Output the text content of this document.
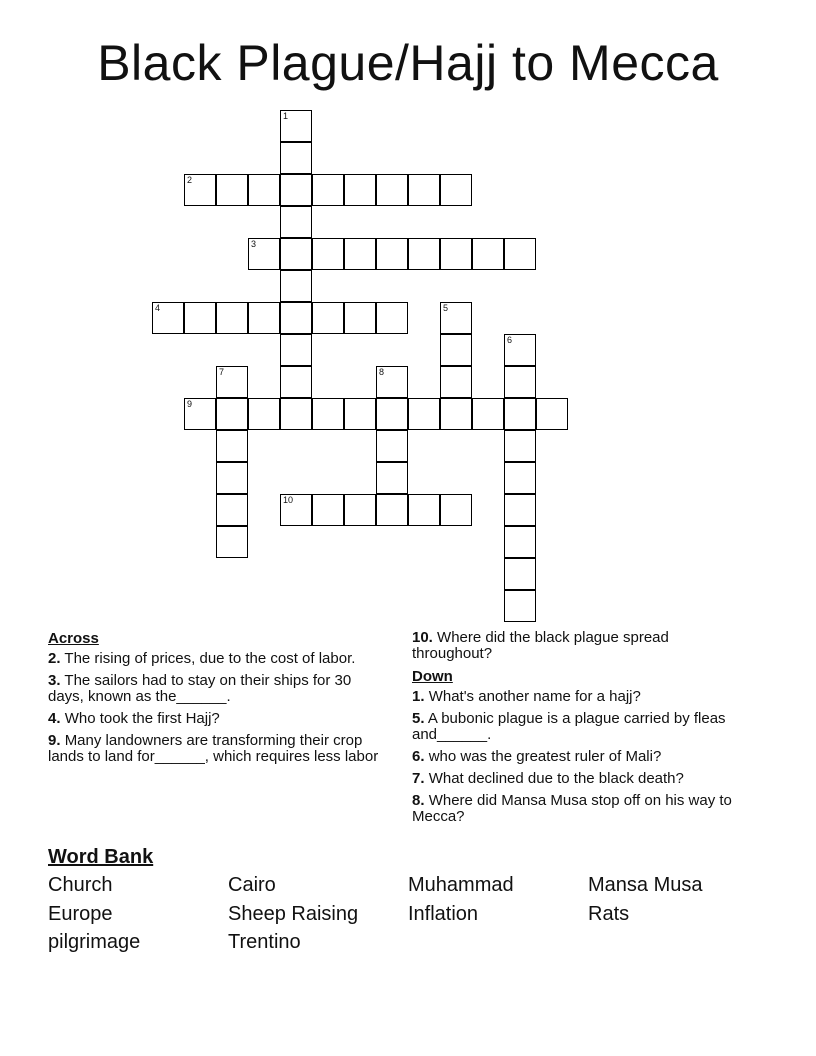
Black Plague/Hajj to Mecca
1
2
3
4	5
6
7	8
9
10
Across
2. The rising of prices, due to the cost of labor.
3. The sailors had to stay on their ships for 30 days, known as the______.
4. Who took the first Hajj?
9. Many landowners are transforming their crop lands to land for______, which requires less labor
10. Where did the black plague spread throughout?
Down
1. What's another name for a hajj?
5. A bubonic plague is a plague carried by fleas and______.
6. who was the greatest ruler of Mali?
7. What declined due to the black death?
8. Where did Mansa Musa stop off on his way to Mecca?
Word Bank
Church	Cairo	Muhammad	Mansa Musa
Europe	Sheep Raising	Inflation	Rats
pilgrimage	Trentino
